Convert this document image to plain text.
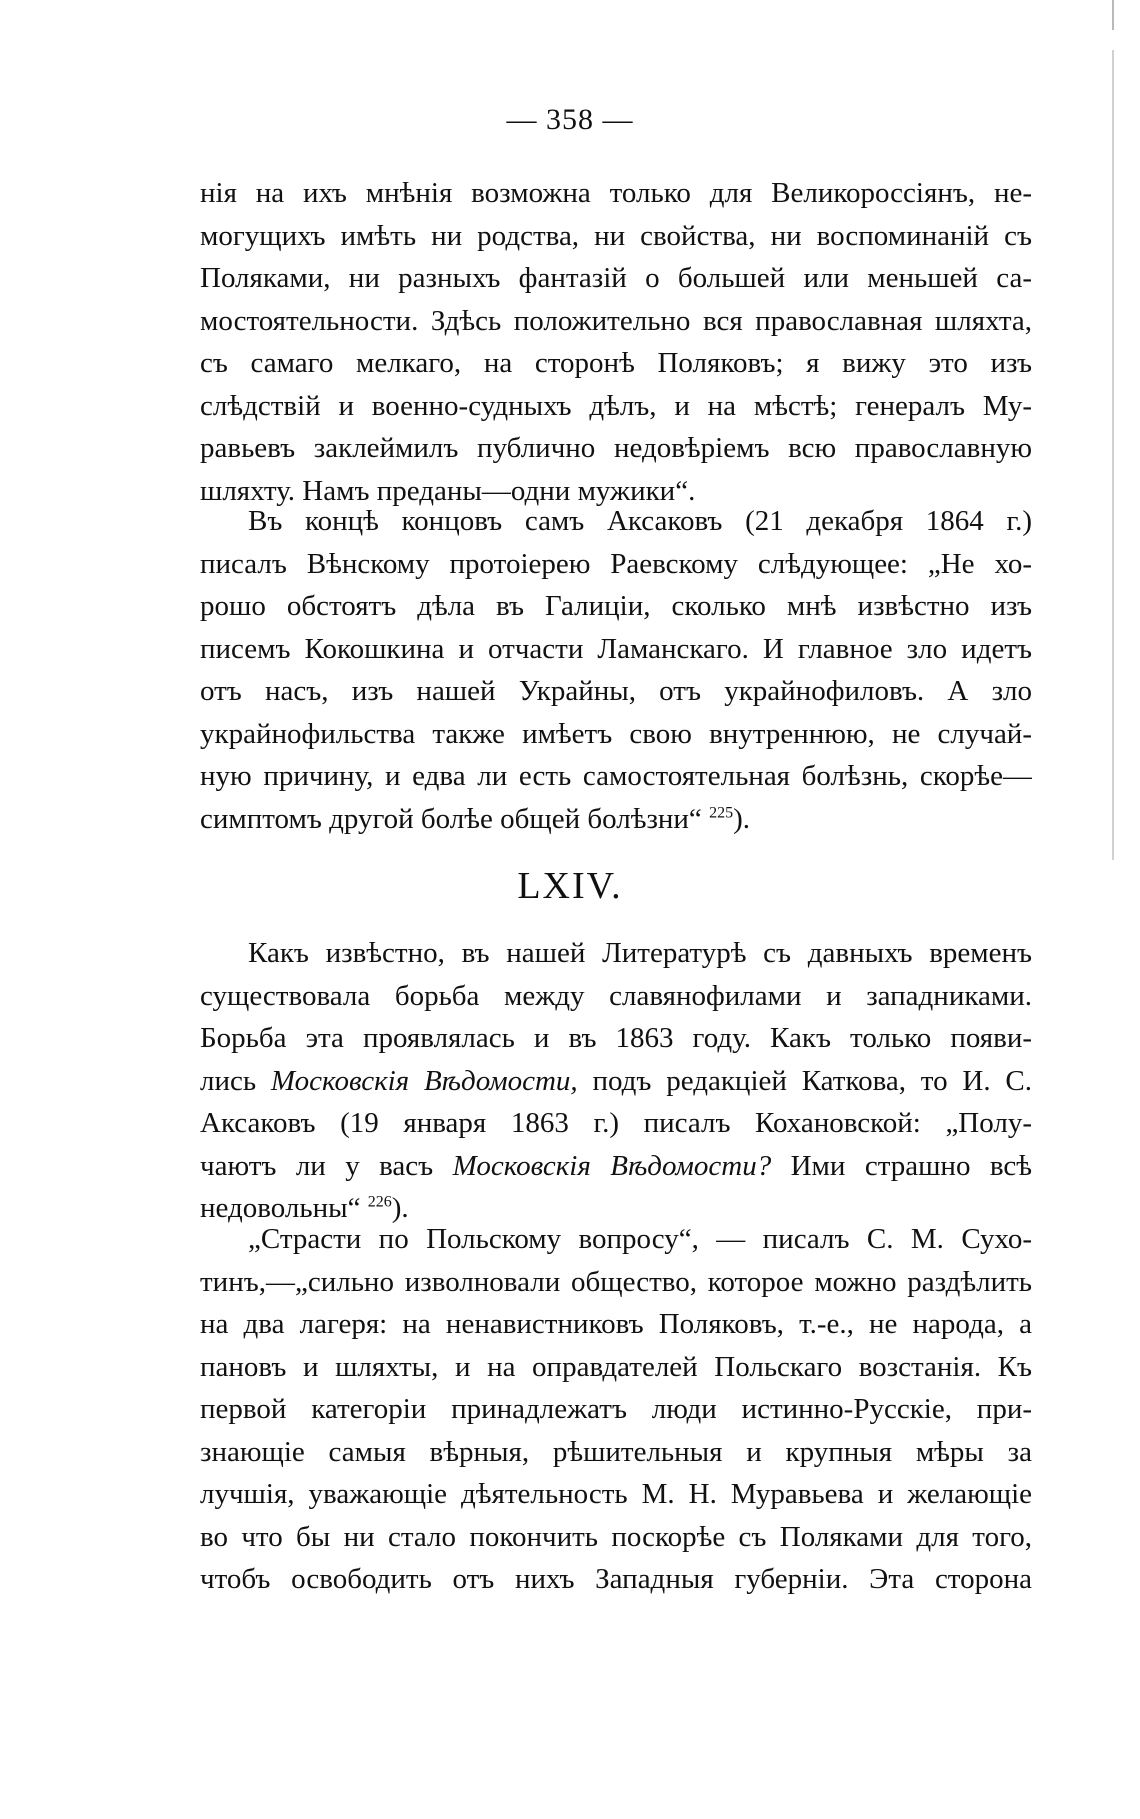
— 358 —
нія на ихъ мнѣнія возможна только для Великороссіянъ, не-
могущихъ имѣть ни родства, ни свойства, ни воспоминаній съ
Поляками, ни разныхъ фантазій о большей или меньшей са-
мостоятельности. Здѣсь положительно вся православная шляхта,
съ самаго мелкаго, на сторонѣ Поляковъ; я вижу это изъ
слѣдствій и военно-судныхъ дѣлъ, и на мѣстѣ; генералъ Му-
равьевъ заклеймилъ публично недовѣріемъ всю православную
шляхту. Намъ преданы—одни мужики“.
Въ концѣ концовъ самъ Аксаковъ (21 декабря 1864 г.)
писалъ Вѣнскому протоіерею Раевскому слѣдующее: „Не хо-
рошо обстоятъ дѣла въ Галиціи, сколько мнѣ извѣстно изъ
писемъ Кокошкина и отчасти Ламанскаго. И главное зло идетъ
отъ насъ, изъ нашей Украйны, отъ украйнофиловъ. А зло
украйнофильства также имѣетъ свою внутреннюю, не случай-
ную причину, и едва ли есть самостоятельная болѣзнь, скорѣе—
симптомъ другой болѣе общей болѣзни“ $^{225}$).
LXIV.
Какъ извѣстно, въ нашей Литературѣ съ давныхъ временъ
существовала борьба между славянофилами и западниками.
Борьба эта проявлялась и въ 1863 году. Какъ только появи-
лись Московскія Вѣдомости, подъ редакціей Каткова, то И. С.
Аксаковъ (19 января 1863 г.) писалъ Кохановской: „Полу-
чаютъ ли у васъ Московскія Вѣдомости? Ими страшно всѣ
недовольны“ $^{226}$).
„Страсти по Польскому вопросу“, — писалъ С. М. Сухо-
тинъ,—„сильно изволновали общество, которое можно раздѣлить
на два лагеря: на ненавистниковъ Поляковъ, т.-е., не народа, а
пановъ и шляхты, и на оправдателей Польскаго возстанія. Къ
первой категоріи принадлежатъ люди истинно-Русскіе, при-
знающіе самыя вѣрныя, рѣшительныя и крупныя мѣры за
лучшія, уважающіе дѣятельность М. Н. Муравьева и желающіе
во что бы ни стало покончить поскорѣе съ Поляками для того,
чтобъ освободить отъ нихъ Западныя губерніи. Эта сторона
